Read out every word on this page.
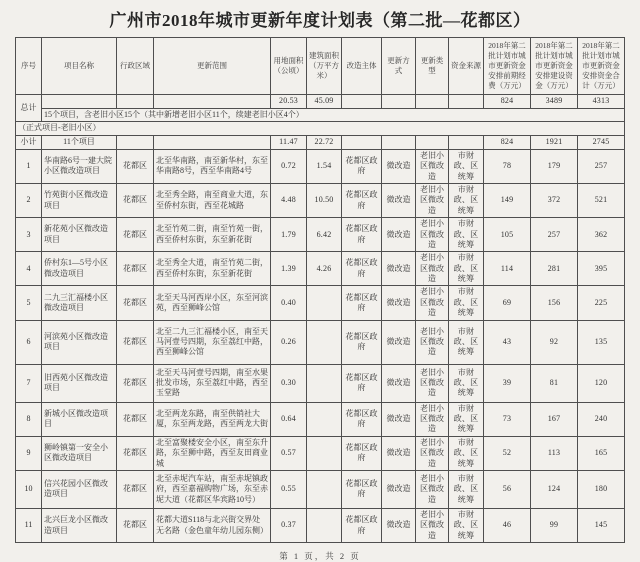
广州市2018年城市更新年度计划表（第二批—花都区）
序号	项目名称	行政区域	更新范围	用地面积（公顷）	建筑面积（万平方米）	改造主体	更新方式	更新类型	资金来源	2018年第二批计划市城市更新资金安排前期经费（万元）	2018年第二批计划市城市更新资金安排建设资金（万元）	2018年第二批计划市城市更新资金安排资金合计（万元）
总计				20.53	45.09					824	3489	4313
	15个项目，含老旧小区15个（其中新增老旧小区11个，续建老旧小区4个）											
（正式项目-老旧小区）												
小计	11个项目			11.47	22.72					824	1921	2745
1	华南路6号一建大院小区微改造项目	花都区	北至华南路，南至新华村，东至华南路8号，西至华南路4号	0.72	1.54	花都区政府	微改造	老旧小区微改造	市财政、区统筹	78	179	257
2	竹苑街小区微改造项目	花都区	北至秀全路，南至商业大道，东至侨村东街，西至花城路	4.48	10.50	花都区政府	微改造	老旧小区微改造	市财政、区统筹	149	372	521
3	新花苑小区微改造项目	花都区	北至竹苑二街，南至竹苑一街，西至侨村东街，东至新花街	1.79	6.42	花都区政府	微改造	老旧小区微改造	市财政、区统筹	105	257	362
4	侨村东1—5号小区微改造项目	花都区	北至秀全大道，南至竹苑二街，西至侨村东街，东至新花街	1.39	4.26	花都区政府	微改造	老旧小区微改造	市财政、区统筹	114	281	395
5	二九三汇福楼小区微改造项目	花都区	北至天马河西岸小区，东至河滨苑，西至狮峰公馆	0.40		花都区政府	微改造	老旧小区微改造	市财政、区统筹	69	156	225
6	河滨苑小区微改造项目	花都区	北至二九三汇福楼小区，南至天马河壹号四期，东至荔红中路，西至狮峰公馆	0.26		花都区政府	微改造	老旧小区微改造	市财政、区统筹	43	92	135
7	旧西苑小区微改造项目	花都区	北至天马河壹号四期，南至水果批发市场，东至荔红中路，西至玉堂路	0.30		花都区政府	微改造	老旧小区微改造	市财政、区统筹	39	81	120
8	新城小区微改造项目	花都区	北至两龙东路，南至供销社大厦，东至两龙路，西至两龙大街	0.64		花都区政府	微改造	老旧小区微改造	市财政、区统筹	73	167	240
9	狮岭镇第一安全小区微改造项目	花都区	北至富聚楼安全小区，南至东升路，东至狮中路，西至友田商业城	0.57		花都区政府	微改造	老旧小区微改造	市财政、区统筹	52	113	165
10	信兴花园小区微改造项目	花都区	北至赤坭汽车站，南至赤坭镇政府，西至嘉福购物广场，东至赤坭大道（花都区华宾路10号）	0.55		花都区政府	微改造	老旧小区微改造	市财政、区统筹	56	124	180
11	北兴巨龙小区微改造项目	花都区	花都大道S118与北兴街交界处无名路（金色童年幼儿园东侧）	0.37		花都区政府	微改造	老旧小区微改造	市财政、区统筹	46	99	145
第 1 页，共 2 页
